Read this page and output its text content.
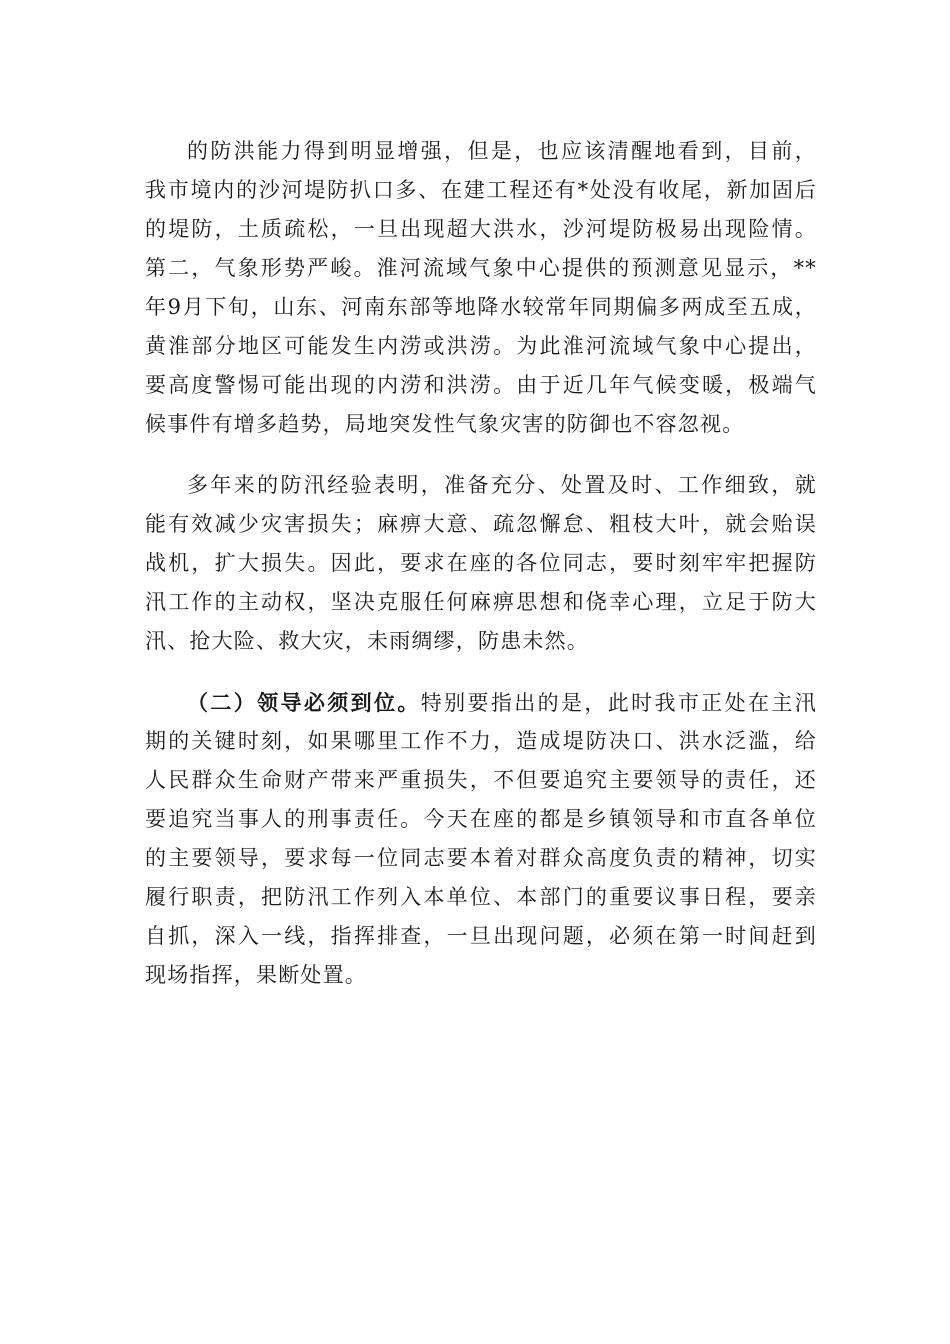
的防洪能力得到明显增强，但是，也应该清醒地看到，目前，
我市境内的沙河堤防扒口多、在建工程还有*处没有收尾，新加固后
的堤防，土质疏松，一旦出现超大洪水，沙河堤防极易出现险情。
第二，气象形势严峻。淮河流域气象中心提供的预测意见显示，**
年9月下旬，山东、河南东部等地降水较常年同期偏多两成至五成，
黄淮部分地区可能发生内涝或洪涝。为此淮河流域气象中心提出，
要高度警惕可能出现的内涝和洪涝。由于近几年气候变暖，极端气
候事件有增多趋势，局地突发性气象灾害的防御也不容忽视。
多年来的防汛经验表明，准备充分、处置及时、工作细致，就
能有效减少灾害损失；麻痹大意、疏忽懈怠、粗枝大叶，就会贻误
战机，扩大损失。因此，要求在座的各位同志，要时刻牢牢把握防
汛工作的主动权，坚决克服任何麻痹思想和侥幸心理，立足于防大
汛、抢大险、救大灾，未雨绸缪，防患未然。
（二）领导必须到位。特别要指出的是，此时我市正处在主汛
期的关键时刻，如果哪里工作不力，造成堤防决口、洪水泛滥，给
人民群众生命财产带来严重损失，不但要追究主要领导的责任，还
要追究当事人的刑事责任。今天在座的都是乡镇领导和市直各单位
的主要领导，要求每一位同志要本着对群众高度负责的精神，切实
履行职责，把防汛工作列入本单位、本部门的重要议事日程，要亲
自抓，深入一线，指挥排查，一旦出现问题，必须在第一时间赶到
现场指挥，果断处置。
